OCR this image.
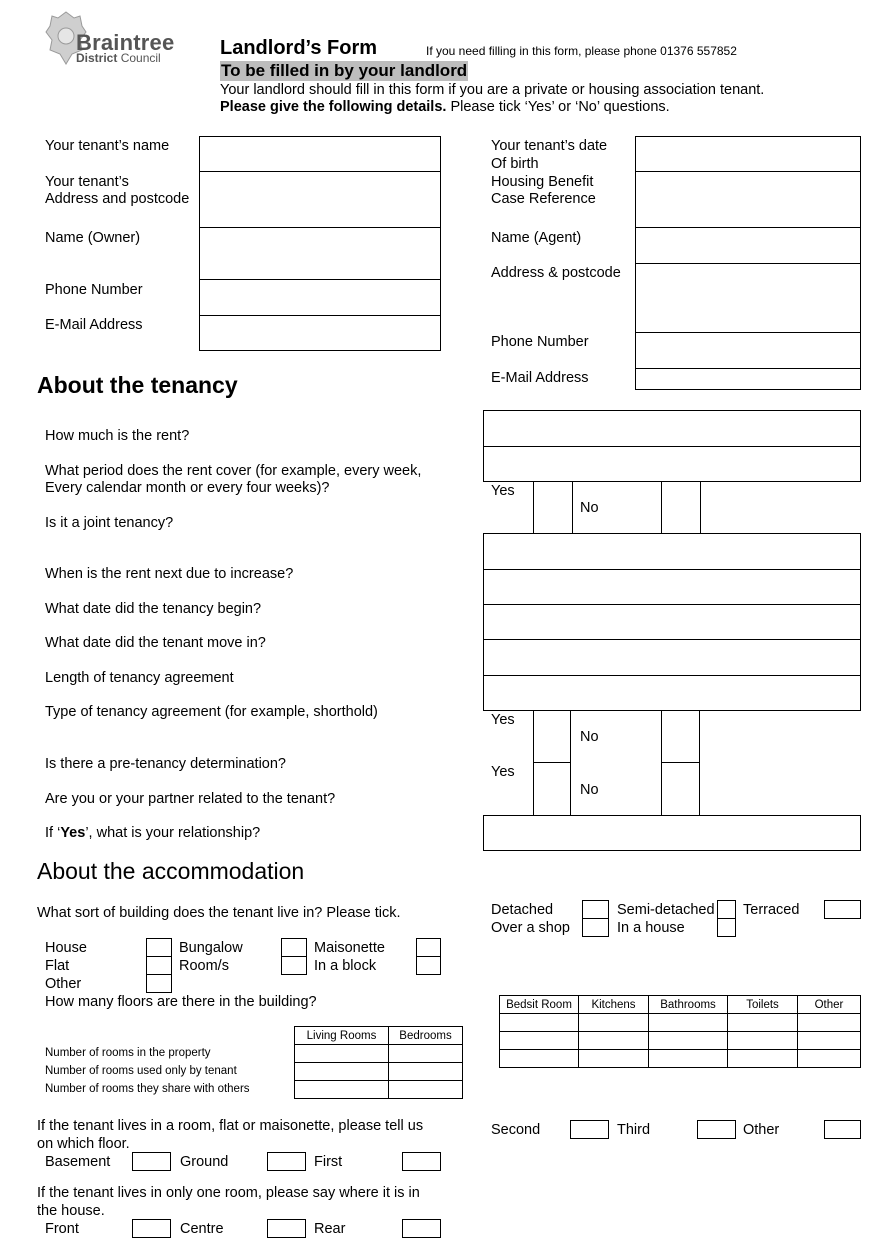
Braintree
District Council	Landlord’s Form	If you need filling in this form, please phone 01376 557852
To be filled in by your landlord
Your landlord should fill in this form if you are a private or housing association tenant.
Please give the following details. Please tick ‘Yes’ or ‘No’ questions.
Your tenant’s name
Your tenant’s
Address and postcode
Name (Owner)
Phone Number
E-Mail Address
Your tenant’s date
Of birth
Housing Benefit
Case Reference
Name (Agent)
Address & postcode
Phone Number
E-Mail Address
About the tenancy
How much is the rent?
What period does the rent cover (for example, every week,
Every calendar month or every four weeks)?
Is it a joint tenancy?
When is the rent next due to increase?
What date did the tenancy begin?
What date did the tenant move in?
Length of tenancy agreement
Type of tenancy agreement (for example, shorthold)
Is there a pre-tenancy determination?
Are you or your partner related to the tenant?
If ‘Yes’, what is your relationship?
Yes
No
Yes
No
Yes
No
About the accommodation
What sort of building does the tenant live in? Please tick.
House
Flat
Other
Bungalow
Room/s
Maisonette
In a block
Detached
Over a shop
Semi-detached
In a house
Terraced
How many floors are there in the building?
Number of rooms in the property
Number of rooms used only by tenant
Number of rooms they share with others
Living Rooms	Bedrooms

Bedsit Room	Kitchens	Bathrooms	Toilets	Other

If the tenant lives in a room, flat or maisonette, please tell us
on which floor.
Basement	Ground	First
Second	Third	Other
If the tenant lives in only one room, please say where it is in
the house.
Front	Centre	Rear
